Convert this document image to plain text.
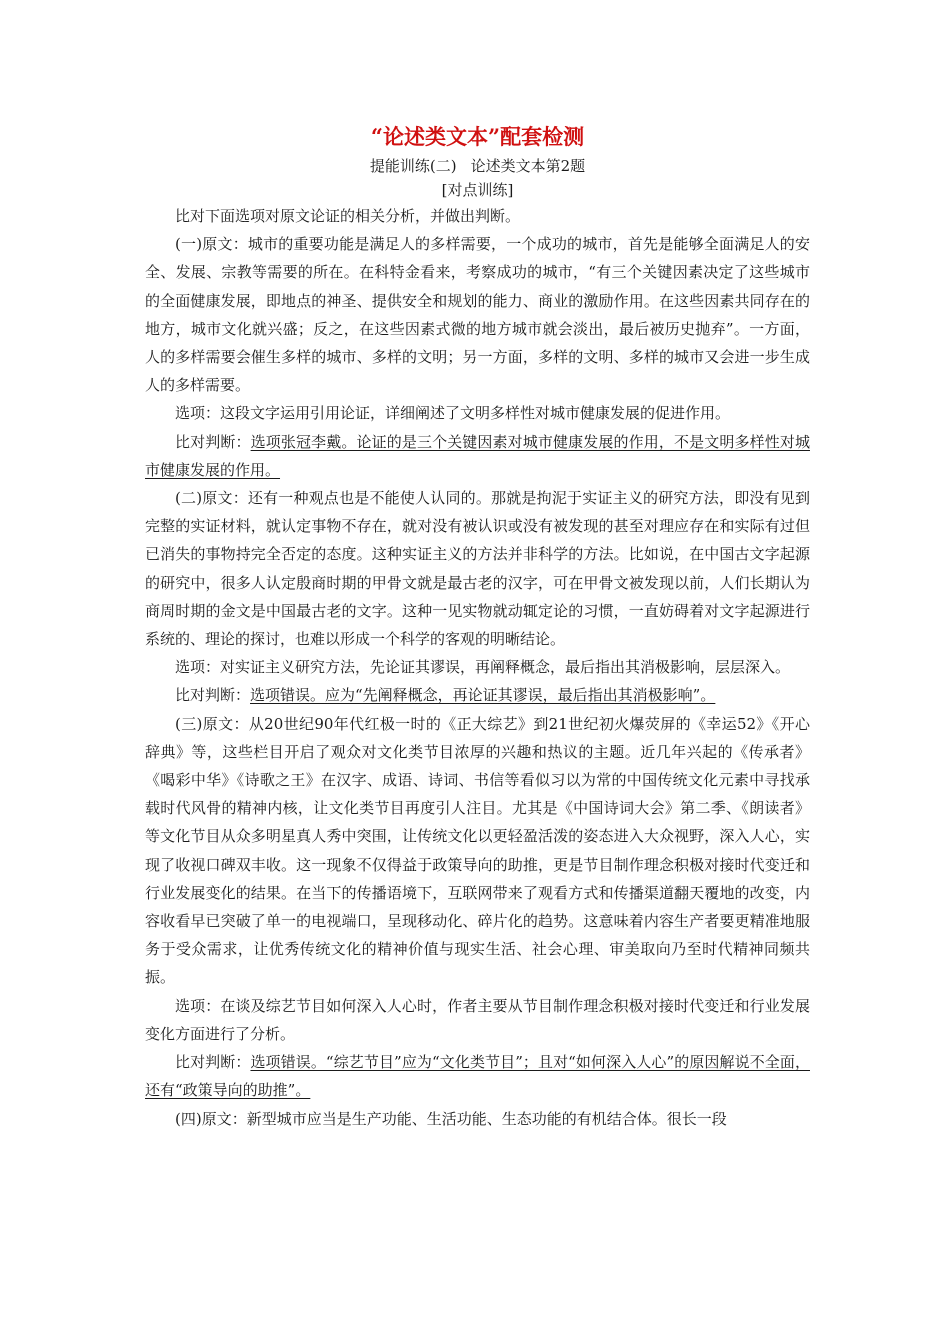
“论述类文本”配套检测
提能训练(二) 论述类文本第2题
[对点训练]

比对下面选项对原文论证的相关分析，并做出判断。

(一)原文：城市的重要功能是满足人的多样需要，一个成功的城市，首先是能够全面满足人的安全、发展、宗教等需要的所在。在科特金看来，考察成功的城市，“有三个关键因素决定了这些城市的全面健康发展，即地点的神圣、提供安全和规划的能力、商业的激励作用。在这些因素共同存在的地方，城市文化就兴盛；反之，在这些因素式微的地方城市就会淡出，最后被历史抛弃”。一方面，人的多样需要会催生多样的城市、多样的文明；另一方面，多样的文明、多样的城市又会进一步生成人的多样需要。

选项：这段文字运用引用论证，详细阐述了文明多样性对城市健康发展的促进作用。

比对判断：选项张冠李戴。论证的是三个关键因素对城市健康发展的作用，不是文明多样性对城市健康发展的作用。

(二)原文：还有一种观点也是不能使人认同的。那就是拘泥于实证主义的研究方法，即没有见到完整的实证材料，就认定事物不存在，就对没有被认识或没有被发现的甚至对理应存在和实际有过但已消失的事物持完全否定的态度。这种实证主义的方法并非科学的方法。比如说，在中国古文字起源的研究中，很多人认定殷商时期的甲骨文就是最古老的汉字，可在甲骨文被发现以前，人们长期认为商周时期的金文是中国最古老的文字。这种一见实物就动辄定论的习惯，一直妨碍着对文字起源进行系统的、理论的探讨，也难以形成一个科学的客观的明晰结论。

选项：对实证主义研究方法，先论证其谬误，再阐释概念，最后指出其消极影响，层层深入。

比对判断：选项错误。应为“先阐释概念，再论证其谬误，最后指出其消极影响”。

(三)原文：从20世纪90年代红极一时的《正大综艺》到21世纪初火爆荧屏的《幸运52》《开心辞典》等，这些栏目开启了观众对文化类节目浓厚的兴趣和热议的主题。近几年兴起的《传承者》《喝彩中华》《诗歌之王》在汉字、成语、诗词、书信等看似习以为常的中国传统文化元素中寻找承载时代风骨的精神内核，让文化类节目再度引人注目。尤其是《中国诗词大会》第二季、《朗读者》等文化节目从众多明星真人秀中突围，让传统文化以更轻盈活泼的姿态进入大众视野，深入人心，实现了收视口碑双丰收。这一现象不仅得益于政策导向的助推，更是节目制作理念积极对接时代变迁和行业发展变化的结果。在当下的传播语境下，互联网带来了观看方式和传播渠道翻天覆地的改变，内容收看早已突破了单一的电视端口，呈现移动化、碎片化的趋势。这意味着内容生产者要更精准地服务于受众需求，让优秀传统文化的精神价值与现实生活、社会心理、审美取向乃至时代精神同频共振。

选项：在谈及综艺节目如何深入人心时，作者主要从节目制作理念积极对接时代变迁和行业发展变化方面进行了分析。

比对判断：选项错误。“综艺节目”应为“文化类节目”；且对“如何深入人心”的原因解说不全面，还有“政策导向的助推”。

(四)原文：新型城市应当是生产功能、生活功能、生态功能的有机结合体。很长一段
